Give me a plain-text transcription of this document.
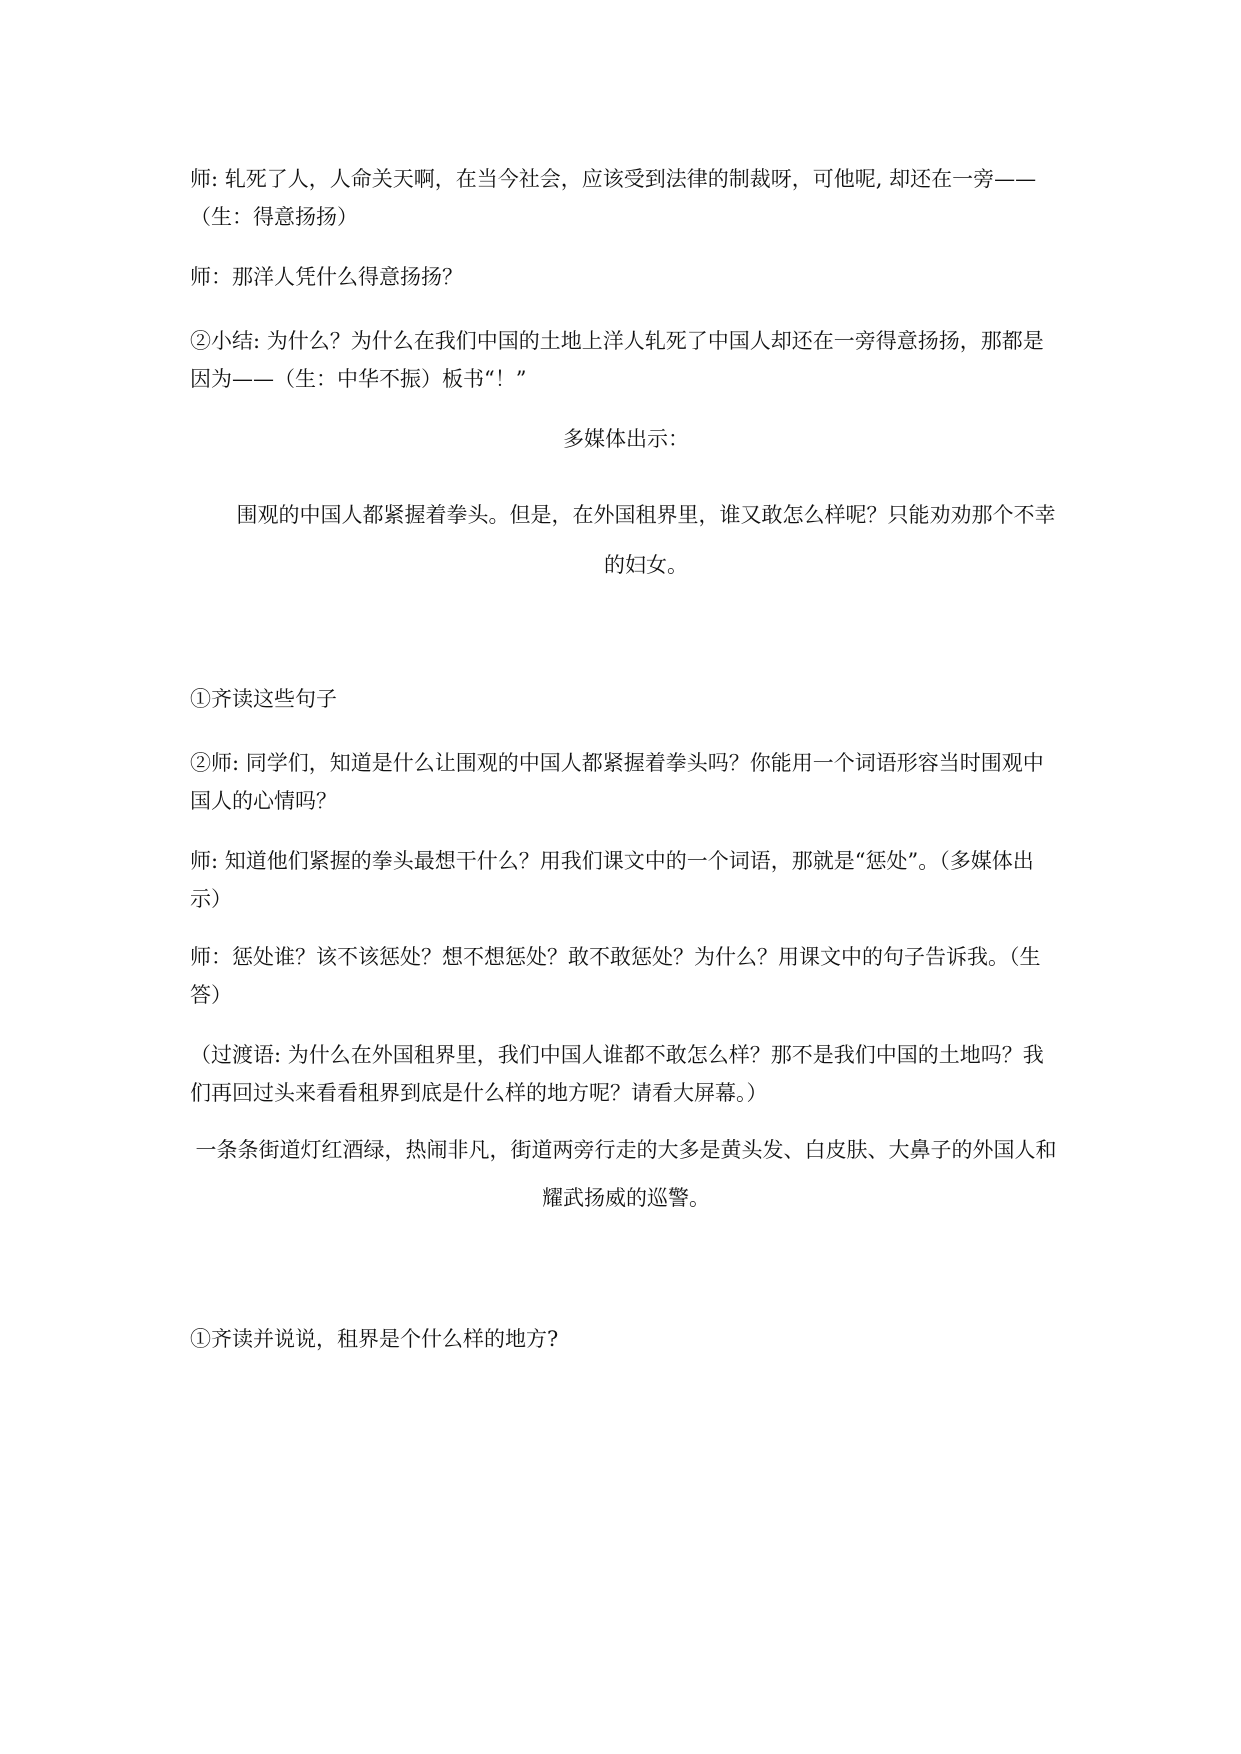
师: 轧死了人，人命关天啊，在当今社会，应该受到法律的制裁呀，可他呢, 却还在一旁——（生：得意扬扬）

师：那洋人凭什么得意扬扬？

②小结: 为什么？为什么在我们中国的土地上洋人轧死了中国人却还在一旁得意扬扬，那都是因为——（生：中华不振）板书“！”

多媒体出示：

围观的中国人都紧握着拳头。但是，在外国租界里，谁又敢怎么样呢？只能劝劝那个不幸的妇女。

①齐读这些句子

②师: 同学们，知道是什么让围观的中国人都紧握着拳头吗？你能用一个词语形容当时围观中国人的心情吗？

师: 知道他们紧握的拳头最想干什么？用我们课文中的一个词语，那就是“惩处”。（多媒体出示）

师：惩处谁？该不该惩处？想不想惩处？敢不敢惩处？为什么？用课文中的句子告诉我。（生答）

（过渡语: 为什么在外国租界里，我们中国人谁都不敢怎么样？那不是我们中国的土地吗？我们再回过头来看看租界到底是什么样的地方呢？请看大屏幕。）

一条条街道灯红酒绿，热闹非凡，街道两旁行走的大多是黄头发、白皮肤、大鼻子的外国人和耀武扬威的巡警。

①齐读并说说，租界是个什么样的地方?
